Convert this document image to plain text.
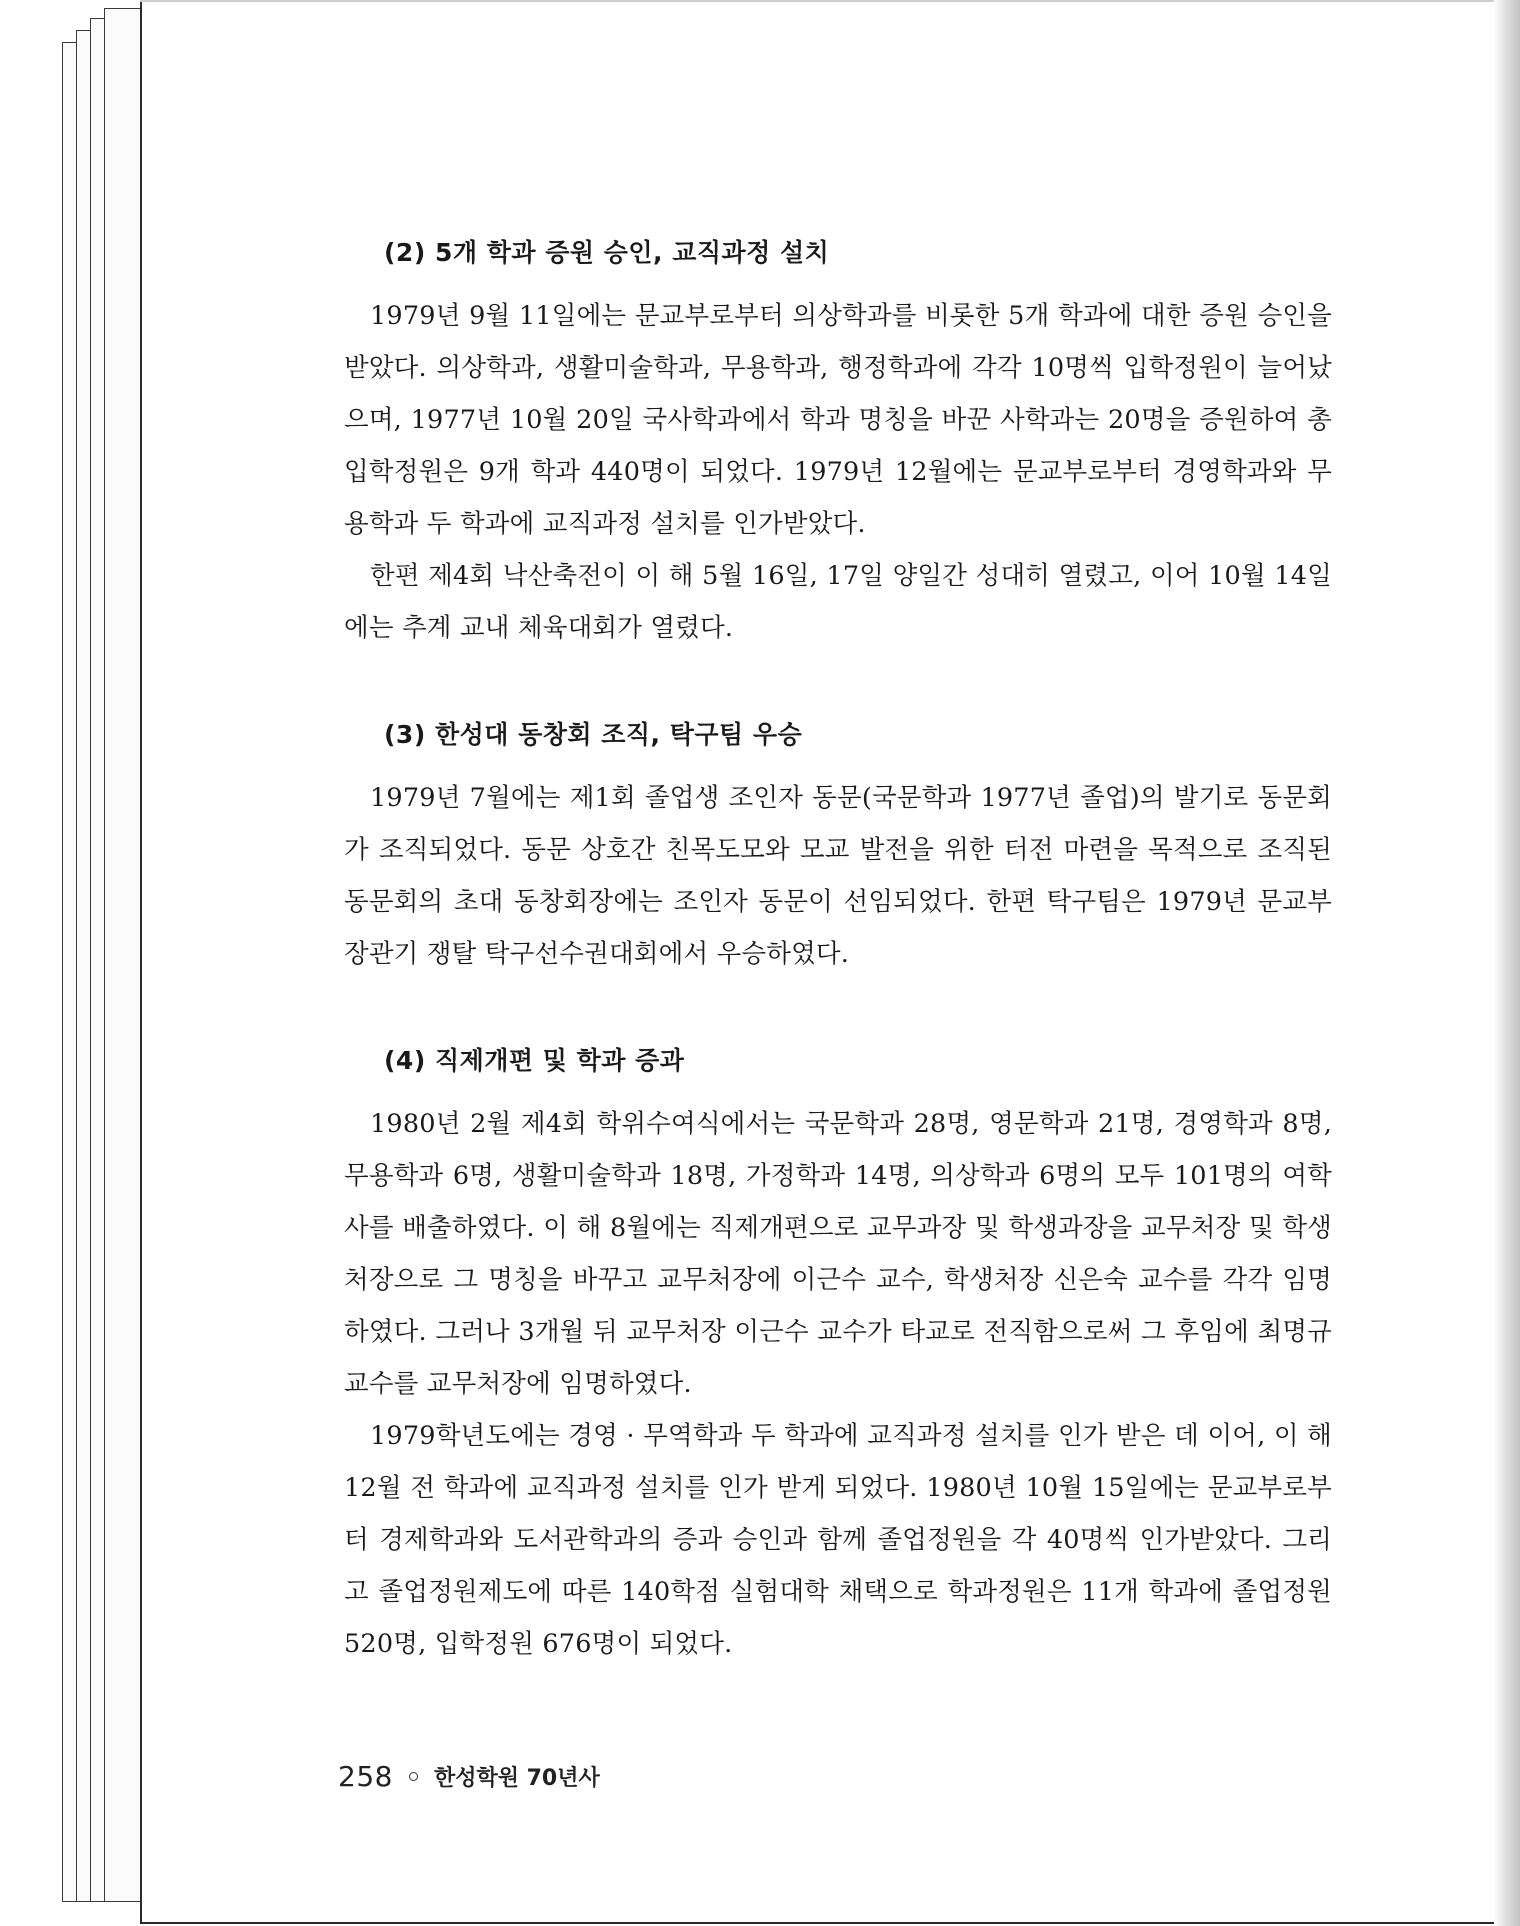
(2) 5개 학과 증원 승인, 교직과정 설치

1979년 9월 11일에는 문교부로부터 의상학과를 비롯한 5개 학과에 대한 증원 승인을 받았다. 의상학과, 생활미술학과, 무용학과, 행정학과에 각각 10명씩 입학정원이 늘어났으며, 1977년 10월 20일 국사학과에서 학과 명칭을 바꾼 사학과는 20명을 증원하여 총 입학정원은 9개 학과 440명이 되었다. 1979년 12월에는 문교부로부터 경영학과와 무용학과 두 학과에 교직과정 설치를 인가받았다.

한편 제4회 낙산축전이 이 해 5월 16일, 17일 양일간 성대히 열렸고, 이어 10월 14일에는 추계 교내 체육대회가 열렸다.

(3) 한성대 동창회 조직, 탁구팀 우승

1979년 7월에는 제1회 졸업생 조인자 동문(국문학과 1977년 졸업)의 발기로 동문회가 조직되었다. 동문 상호간 친목도모와 모교 발전을 위한 터전 마련을 목적으로 조직된 동문회의 초대 동창회장에는 조인자 동문이 선임되었다. 한편 탁구팀은 1979년 문교부 장관기 쟁탈 탁구선수권대회에서 우승하였다.

(4) 직제개편 및 학과 증과

1980년 2월 제4회 학위수여식에서는 국문학과 28명, 영문학과 21명, 경영학과 8명, 무용학과 6명, 생활미술학과 18명, 가정학과 14명, 의상학과 6명의 모두 101명의 여학사를 배출하였다. 이 해 8월에는 직제개편으로 교무과장 및 학생과장을 교무처장 및 학생처장으로 그 명칭을 바꾸고 교무처장에 이근수 교수, 학생처장 신은숙 교수를 각각 임명하였다. 그러나 3개월 뒤 교무처장 이근수 교수가 타교로 전직함으로써 그 후임에 최명규 교수를 교무처장에 임명하였다.

1979학년도에는 경영 · 무역학과 두 학과에 교직과정 설치를 인가 받은 데 이어, 이 해 12월 전 학과에 교직과정 설치를 인가 받게 되었다. 1980년 10월 15일에는 문교부로부터 경제학과와 도서관학과의 증과 승인과 함께 졸업정원을 각 40명씩 인가받았다. 그리고 졸업정원제도에 따른 140학점 실험대학 채택으로 학과정원은 11개 학과에 졸업정원 520명, 입학정원 676명이 되었다.

258 한성학원 70년사
